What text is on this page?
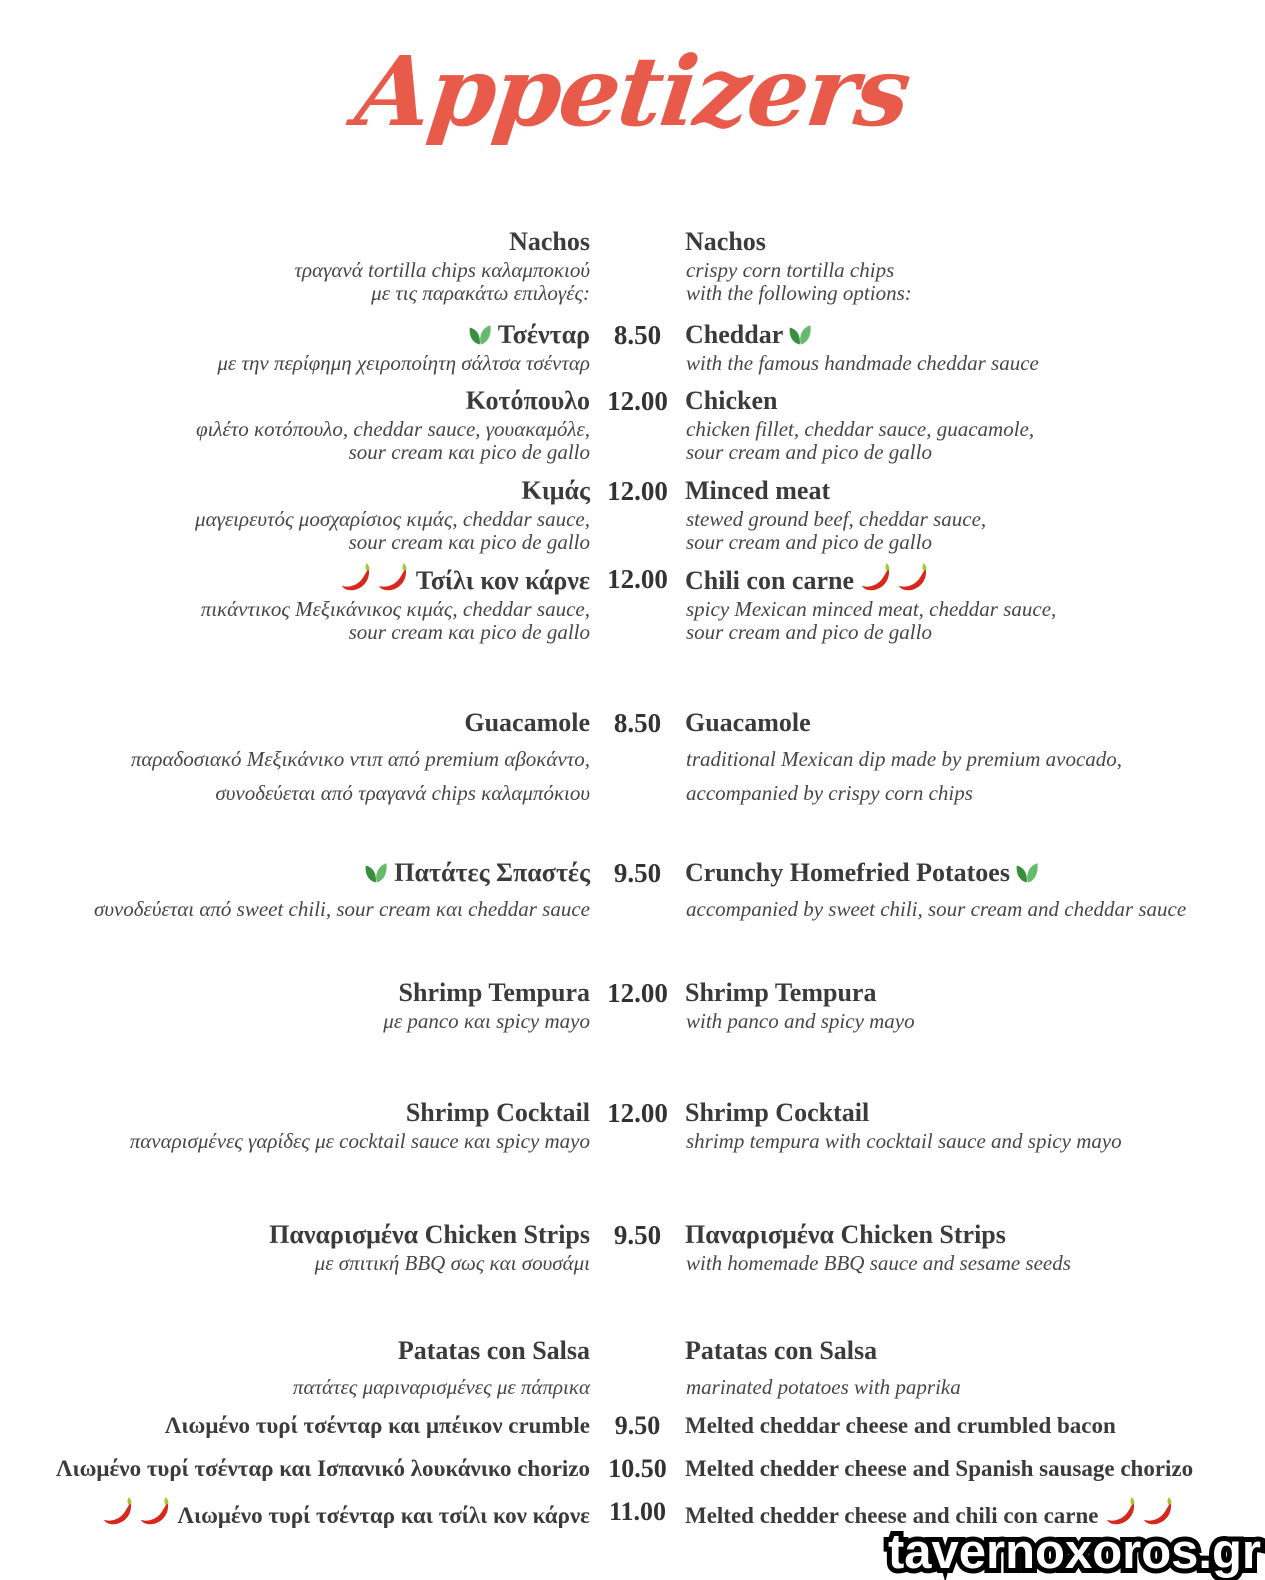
Appetizers
Nachos
τραγανά tortilla chips καλαμποκιού
με τις παρακάτω επιλογές:
Nachos
crispy corn tortilla chips
with the following options:
Τσένταρ
με την περίφημη χειροποίητη σάλτσα τσένταρ
8.50 Cheddar
with the famous handmade cheddar sauce
Κοτόπουλο
φιλέτο κοτόπουλο, cheddar sauce, γουακαμόλε,
sour cream και pico de gallo
12.00 Chicken
chicken fillet, cheddar sauce, guacamole,
sour cream and pico de gallo
Κιμάς
μαγειρευτός μοσχαρίσιος κιμάς, cheddar sauce,
sour cream και pico de gallo
12.00 Minced meat
stewed ground beef, cheddar sauce,
sour cream and pico de gallo
Τσίλι κον κάρνε
πικάντικος Μεξικάνικος κιμάς, cheddar sauce,
sour cream και pico de gallo
12.00 Chili con carne
spicy Mexican minced meat, cheddar sauce,
sour cream and pico de gallo
Guacamole
παραδοσιακό Μεξικάνικο ντιπ από premium αβοκάντο,
συνοδεύεται από τραγανά chips καλαμπόκιου
8.50 Guacamole
traditional Mexican dip made by premium avocado,
accompanied by crispy corn chips
Πατάτες Σπαστές
συνοδεύεται από sweet chili, sour cream και cheddar sauce
9.50 Crunchy Homefried Potatoes
accompanied by sweet chili, sour cream and cheddar sauce
Shrimp Tempura
με panco και spicy mayo
12.00 Shrimp Tempura
with panco and spicy mayo
Shrimp Cocktail
παναρισμένες γαρίδες με cocktail sauce και spicy mayo
12.00 Shrimp Cocktail
shrimp tempura with cocktail sauce and spicy mayo
Παναρισμένα Chicken Strips
με σπιτική BBQ σως και σουσάμι
9.50 Παναρισμένα Chicken Strips
with homemade BBQ sauce and sesame seeds
Patatas con Salsa
πατάτες μαριναρισμένες με πάπρικα
Patatas con Salsa
marinated potatoes with paprika
Λιωμένο τυρί τσένταρ και μπέικον crumble 9.50	Melted cheddar cheese and crumbled bacon
Λιωμένο τυρί τσένταρ και Ισπανικό λουκάνικο chorizo 10.50 Melted chedder cheese and Spanish sausage chorizo
Λιωμένο τυρί τσένταρ και τσίλι κον κάρνε 11.00 Melted chedder cheese and chili con carne
tavernoxoros.gr
